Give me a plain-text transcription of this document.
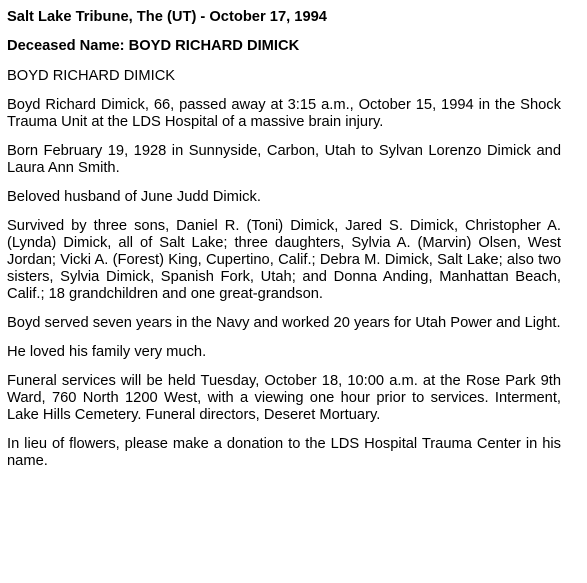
Salt Lake Tribune, The (UT) - October 17, 1994

Deceased Name: BOYD RICHARD DIMICK

BOYD RICHARD DIMICK

Boyd Richard Dimick, 66, passed away at 3:15 a.m., October 15, 1994 in the Shock Trauma Unit at the LDS Hospital of a massive brain injury.

Born February 19, 1928 in Sunnyside, Carbon, Utah to Sylvan Lorenzo Dimick and Laura Ann Smith.

Beloved husband of June Judd Dimick.

Survived by three sons, Daniel R. (Toni) Dimick, Jared S. Dimick, Christopher A. (Lynda) Dimick, all of Salt Lake; three daughters, Sylvia A. (Marvin) Olsen, West Jordan; Vicki A. (Forest) King, Cupertino, Calif.; Debra M. Dimick, Salt Lake; also two sisters, Sylvia Dimick, Spanish Fork, Utah; and Donna Anding, Manhattan Beach, Calif.; 18 grandchildren and one great-grandson.

Boyd served seven years in the Navy and worked 20 years for Utah Power and Light.

He loved his family very much.

Funeral services will be held Tuesday, October 18, 10:00 a.m. at the Rose Park 9th Ward, 760 North 1200 West, with a viewing one hour prior to services. Interment, Lake Hills Cemetery. Funeral directors, Deseret Mortuary.

In lieu of flowers, please make a donation to the LDS Hospital Trauma Center in his name.
